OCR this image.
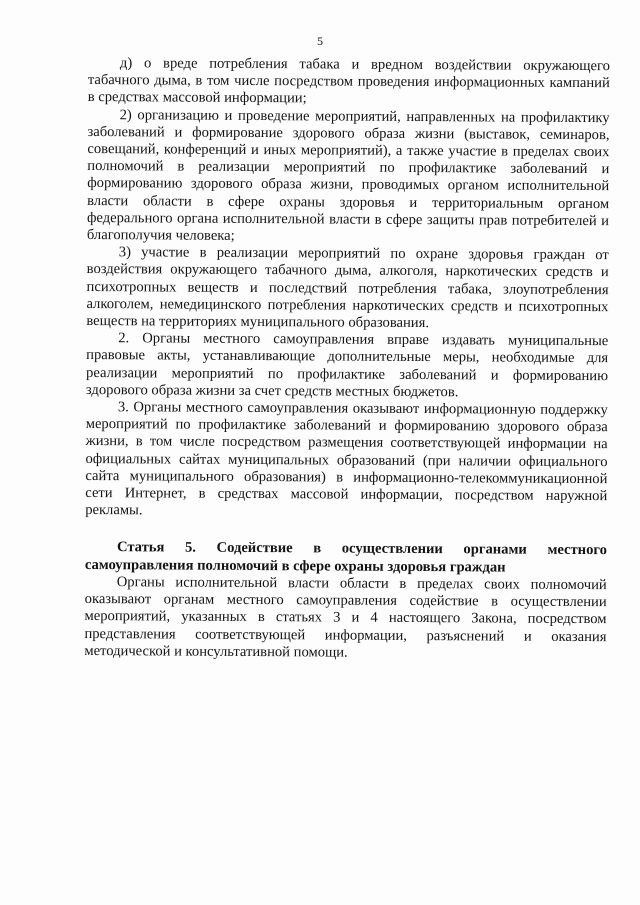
5

д) о вреде потребления табака и вредном воздействии окружающего табачного дыма, в том числе посредством проведения информационных кампаний в средствах массовой информации;

2) организацию и проведение мероприятий, направленных на профилактику заболеваний и формирование здорового образа жизни (выставок, семинаров, совещаний, конференций и иных мероприятий), а также участие в пределах своих полномочий в реализации мероприятий по профилактике заболеваний и формированию здорового образа жизни, проводимых органом исполнительной власти области в сфере охраны здоровья и территориальным органом федерального органа исполнительной власти в сфере защиты прав потребителей и благополучия человека;

3) участие в реализации мероприятий по охране здоровья граждан от воздействия окружающего табачного дыма, алкоголя, наркотических средств и психотропных веществ и последствий потребления табака, злоупотребления алкоголем, немедицинского потребления наркотических средств и психотропных веществ на территориях муниципального образования.

2. Органы местного самоуправления вправе издавать муниципальные правовые акты, устанавливающие дополнительные меры, необходимые для реализации мероприятий по профилактике заболеваний и формированию здорового образа жизни за счет средств местных бюджетов.

3. Органы местного самоуправления оказывают информационную поддержку мероприятий по профилактике заболеваний и формированию здорового образа жизни, в том числе посредством размещения соответствующей информации на официальных сайтах муниципальных образований (при наличии официального сайта муниципального образования) в информационно-телекоммуникационной сети Интернет, в средствах массовой информации, посредством наружной рекламы.

Статья 5. Содействие в осуществлении органами местного самоуправления полномочий в сфере охраны здоровья граждан

Органы исполнительной власти области в пределах своих полномочий оказывают органам местного самоуправления содействие в осуществлении мероприятий, указанных в статьях 3 и 4 настоящего Закона, посредством представления соответствующей информации, разъяснений и оказания методической и консультативной помощи.
